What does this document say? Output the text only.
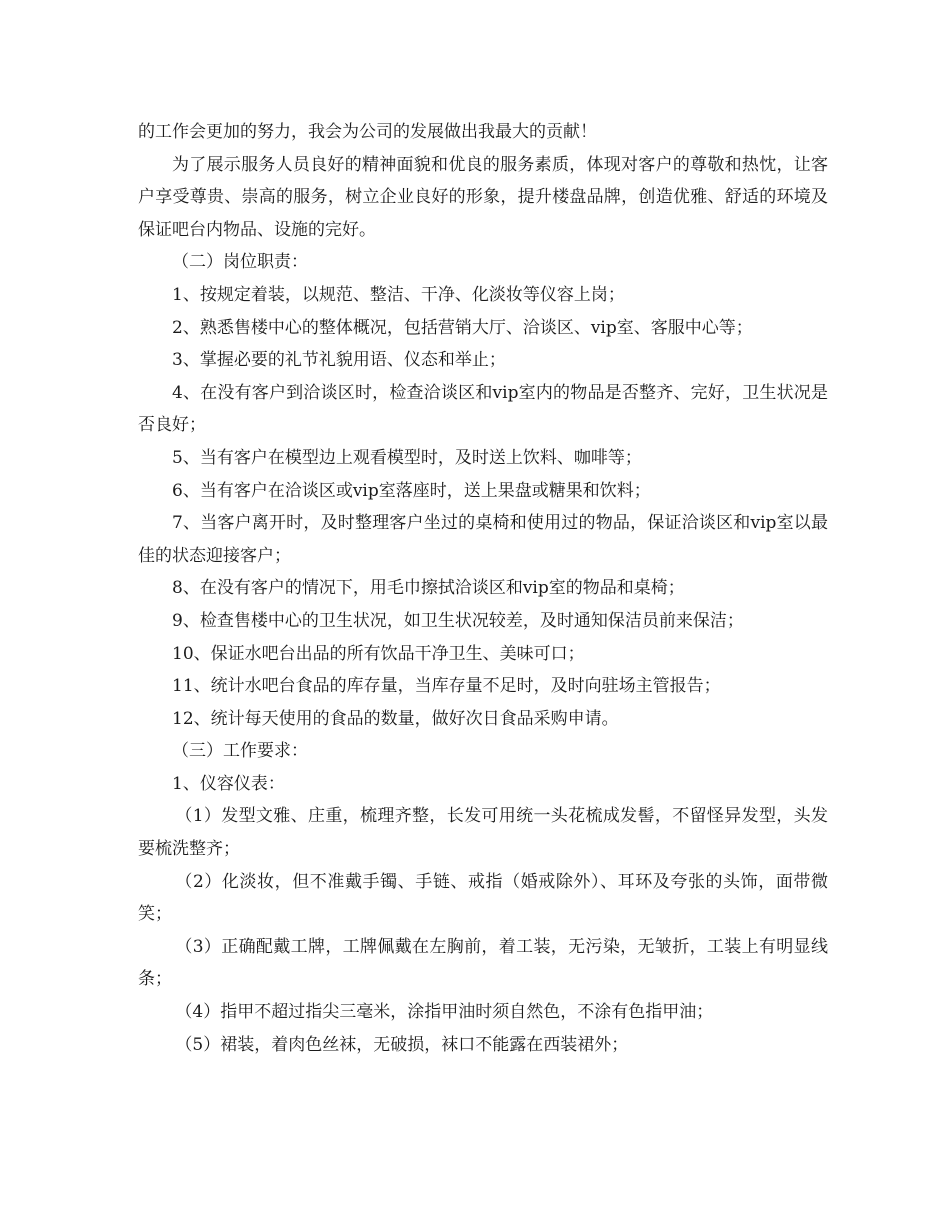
的工作会更加的努力，我会为公司的发展做出我最大的贡献！

为了展示服务人员良好的精神面貌和优良的服务素质，体现对客户的尊敬和热忱，让客户享受尊贵、崇高的服务，树立企业良好的形象，提升楼盘品牌，创造优雅、舒适的环境及保证吧台内物品、设施的完好。

（二）岗位职责：

1、按规定着装，以规范、整洁、干净、化淡妆等仪容上岗；

2、熟悉售楼中心的整体概况，包括营销大厅、洽谈区、vip室、客服中心等；

3、掌握必要的礼节礼貌用语、仪态和举止；

4、在没有客户到洽谈区时，检查洽谈区和vip室内的物品是否整齐、完好，卫生状况是否良好；

5、当有客户在模型边上观看模型时，及时送上饮料、咖啡等；

6、当有客户在洽谈区或vip室落座时，送上果盘或糖果和饮料；

7、当客户离开时，及时整理客户坐过的桌椅和使用过的物品，保证洽谈区和vip室以最佳的状态迎接客户；

8、在没有客户的情况下，用毛巾擦拭洽谈区和vip室的物品和桌椅；

9、检查售楼中心的卫生状况，如卫生状况较差，及时通知保洁员前来保洁；

10、保证水吧台出品的所有饮品干净卫生、美味可口；

11、统计水吧台食品的库存量，当库存量不足时，及时向驻场主管报告；

12、统计每天使用的食品的数量，做好次日食品采购申请。

（三）工作要求：

1、仪容仪表：

（1）发型文雅、庄重，梳理齐整，长发可用统一头花梳成发髻，不留怪异发型，头发要梳洗整齐；

（2）化淡妆，但不准戴手镯、手链、戒指（婚戒除外）、耳环及夸张的头饰，面带微笑；

（3）正确配戴工牌，工牌佩戴在左胸前，着工装，无污染，无皱折，工装上有明显线条；

（4）指甲不超过指尖三毫米，涂指甲油时须自然色，不涂有色指甲油；

（5）裙装，着肉色丝袜，无破损，袜口不能露在西装裙外；
